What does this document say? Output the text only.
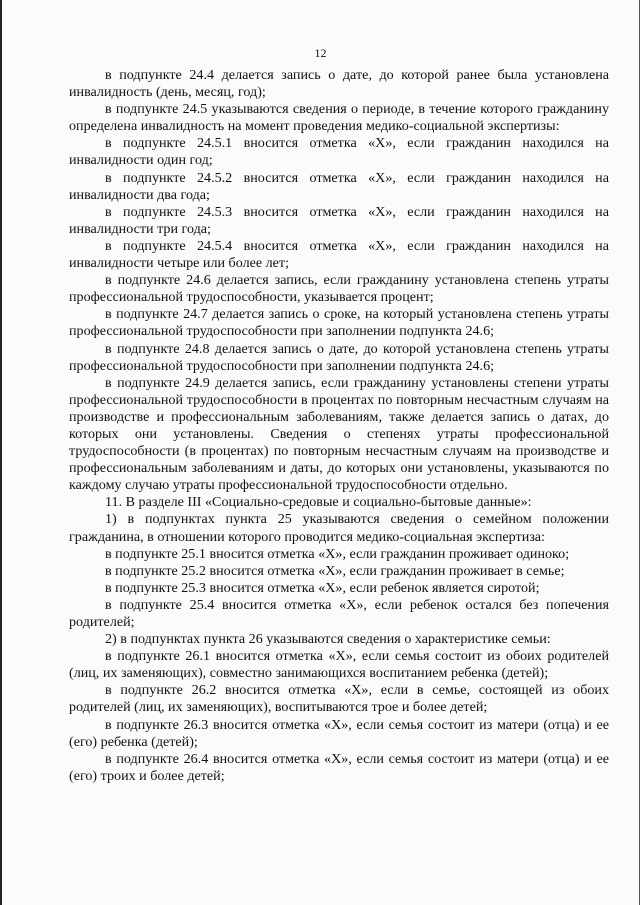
12

в подпункте 24.4 делается запись о дате, до которой ранее была установлена инвалидность (день, месяц, год);

в подпункте 24.5 указываются сведения о периоде, в течение которого гражданину определена инвалидность на момент проведения медико-социальной экспертизы:

в подпункте 24.5.1 вносится отметка «Х», если гражданин находился на инвалидности один год;

в подпункте 24.5.2 вносится отметка «Х», если гражданин находился на инвалидности два года;

в подпункте 24.5.3 вносится отметка «Х», если гражданин находился на инвалидности три года;

в подпункте 24.5.4 вносится отметка «Х», если гражданин находился на инвалидности четыре или более лет;

в подпункте 24.6 делается запись, если гражданину установлена степень утраты профессиональной трудоспособности, указывается процент;

в подпункте 24.7 делается запись о сроке, на который установлена степень утраты профессиональной трудоспособности при заполнении подпункта 24.6;

в подпункте 24.8 делается запись о дате, до которой установлена степень утраты профессиональной трудоспособности при заполнении подпункта 24.6;

в подпункте 24.9 делается запись, если гражданину установлены степени утраты профессиональной трудоспособности в процентах по повторным несчастным случаям на производстве и профессиональным заболеваниям, также делается запись о датах, до которых они установлены. Сведения о степенях утраты профессиональной трудоспособности (в процентах) по повторным несчастным случаям на производстве и профессиональным заболеваниям и даты, до которых они установлены, указываются по каждому случаю утраты профессиональной трудоспособности отдельно.

11. В разделе III «Социально-средовые и социально-бытовые данные»:

1) в подпунктах пункта 25 указываются сведения о семейном положении гражданина, в отношении которого проводится медико-социальная экспертиза:

в подпункте 25.1 вносится отметка «Х», если гражданин проживает одиноко;

в подпункте 25.2 вносится отметка «Х», если гражданин проживает в семье;

в подпункте 25.3 вносится отметка «Х», если ребенок является сиротой;

в подпункте 25.4 вносится отметка «Х», если ребенок остался без попечения родителей;

2) в подпунктах пункта 26 указываются сведения о характеристике семьи:

в подпункте 26.1 вносится отметка «Х», если семья состоит из обоих родителей (лиц, их заменяющих), совместно занимающихся воспитанием ребенка (детей);

в подпункте 26.2 вносится отметка «Х», если в семье, состоящей из обоих родителей (лиц, их заменяющих), воспитываются трое и более детей;

в подпункте 26.3 вносится отметка «Х», если семья состоит из матери (отца) и ее (его) ребенка (детей);

в подпункте 26.4 вносится отметка «Х», если семья состоит из матери (отца) и ее (его) троих и более детей;
